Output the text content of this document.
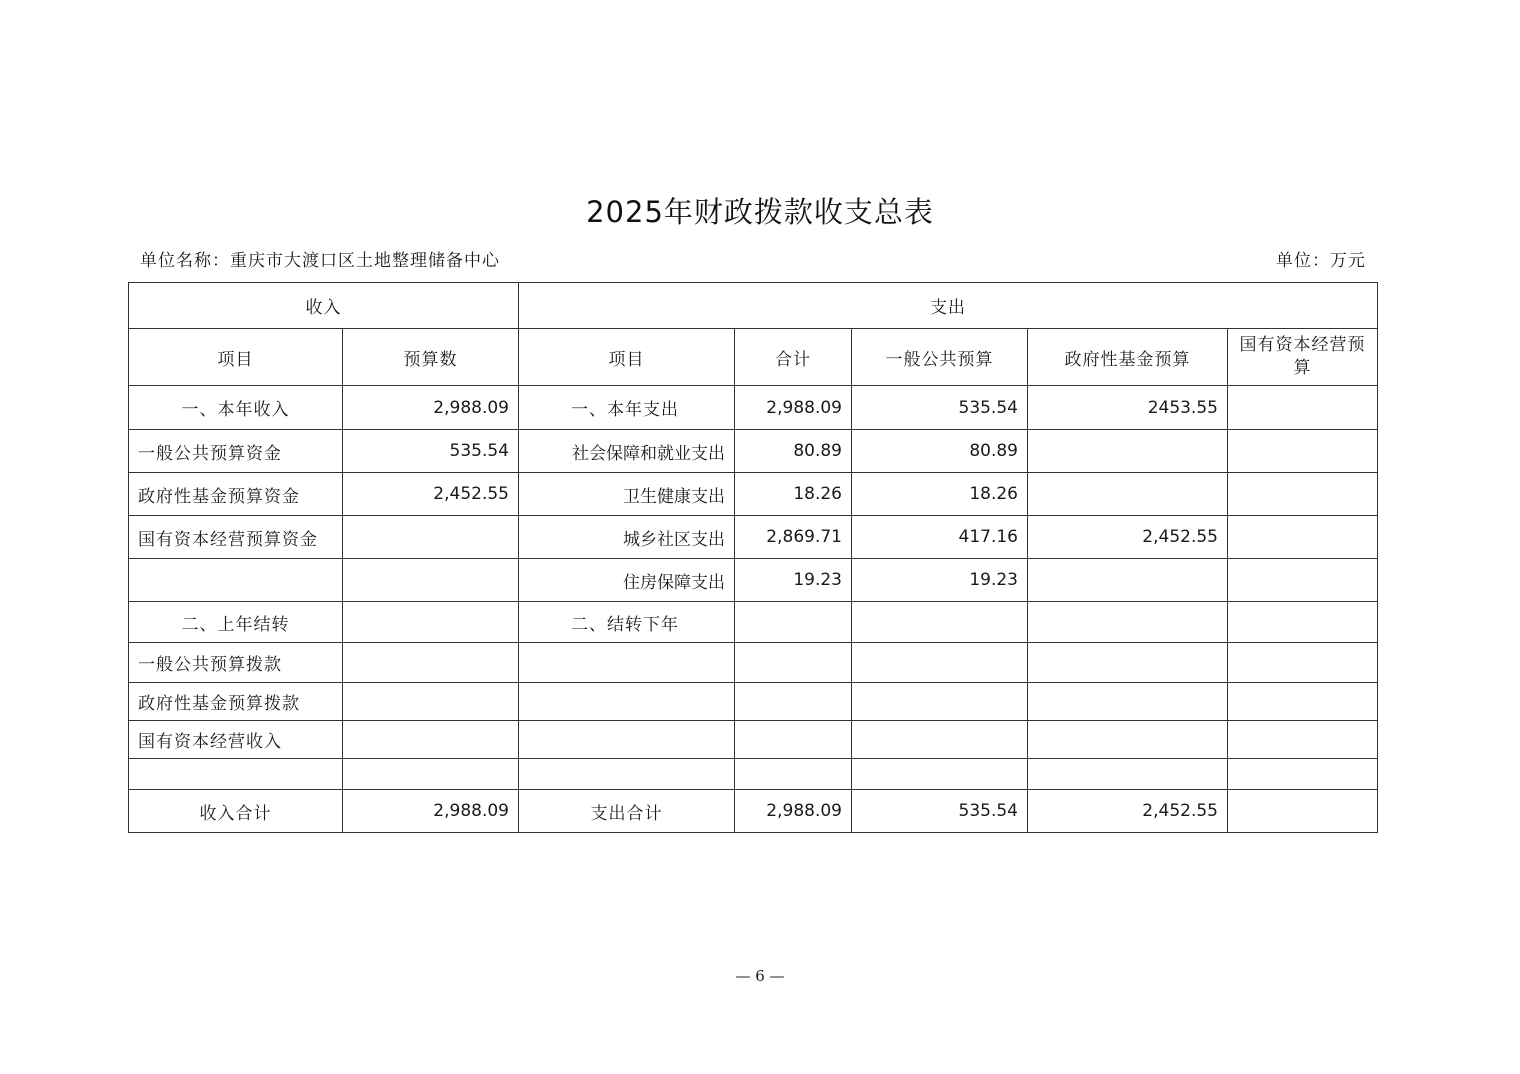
2025年财政拨款收支总表
单位名称：重庆市大渡口区土地整理储备中心	单位：万元
收入		支出				
项目	预算数	项目	合计	一般公共预算	政府性基金预算	国有资本经营预算
一、本年收入	2,988.09	一、本年支出	2,988.09	535.54	2453.55	
一般公共预算资金	535.54	社会保障和就业支出	80.89	80.89		
政府性基金预算资金	2,452.55	卫生健康支出	18.26	18.26		
国有资本经营预算资金		城乡社区支出	2,869.71	417.16	2,452.55	
		住房保障支出	19.23	19.23		
二、上年结转		二、结转下年				
一般公共预算拨款						
政府性基金预算拨款						
国有资本经营收入						

收入合计	2,988.09	支出合计	2,988.09	535.54	2,452.55	
— 6 —
